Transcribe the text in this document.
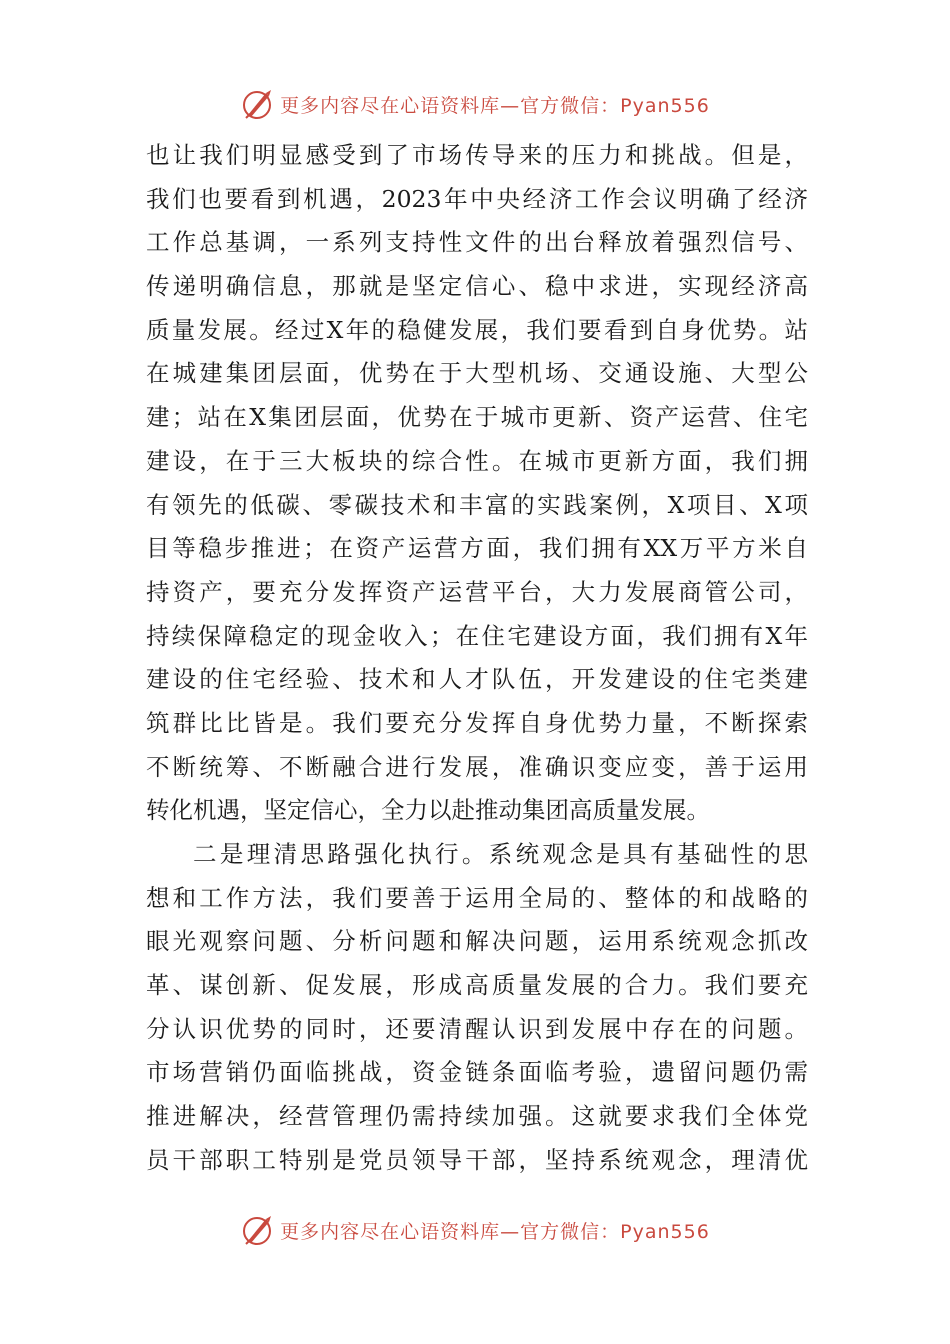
更多内容尽在心语资料库—官方微信：Pyan556
也让我们明显感受到了市场传导来的压力和挑战。但是，
我们也要看到机遇，2023年中央经济工作会议明确了经济
工作总基调，一系列支持性文件的出台释放着强烈信号、
传递明确信息，那就是坚定信心、稳中求进，实现经济高
质量发展。经过X年的稳健发展，我们要看到自身优势。站
在城建集团层面，优势在于大型机场、交通设施、大型公
建；站在X集团层面，优势在于城市更新、资产运营、住宅
建设，在于三大板块的综合性。在城市更新方面，我们拥
有领先的低碳、零碳技术和丰富的实践案例，X项目、X项
目等稳步推进；在资产运营方面，我们拥有XX万平方米自
持资产，要充分发挥资产运营平台，大力发展商管公司，
持续保障稳定的现金收入；在住宅建设方面，我们拥有X年
建设的住宅经验、技术和人才队伍，开发建设的住宅类建
筑群比比皆是。我们要充分发挥自身优势力量，不断探索
不断统筹、不断融合进行发展，准确识变应变，善于运用
转化机遇，坚定信心，全力以赴推动集团高质量发展。
二是理清思路强化执行。系统观念是具有基础性的思
想和工作方法，我们要善于运用全局的、整体的和战略的
眼光观察问题、分析问题和解决问题，运用系统观念抓改
革、谋创新、促发展，形成高质量发展的合力。我们要充
分认识优势的同时，还要清醒认识到发展中存在的问题。
市场营销仍面临挑战，资金链条面临考验，遗留问题仍需
推进解决，经营管理仍需持续加强。这就要求我们全体党
员干部职工特别是党员领导干部，坚持系统观念，理清优
更多内容尽在心语资料库—官方微信：Pyan556
